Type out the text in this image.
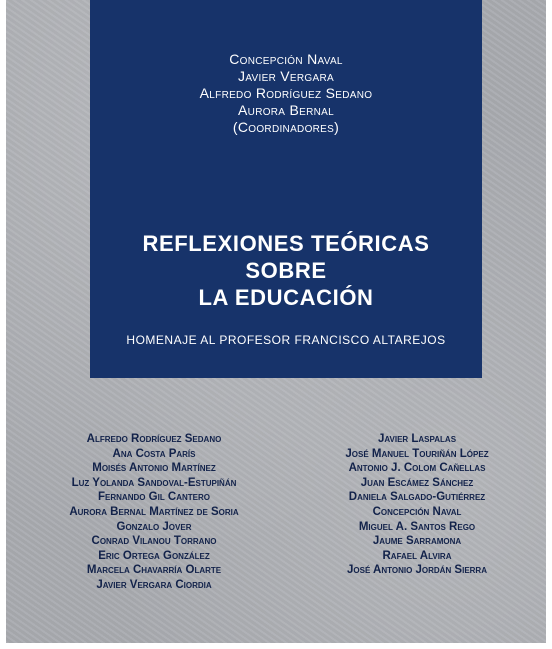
Concepción Naval
Javier Vergara
Alfredo Rodríguez Sedano
Aurora Bernal
(Coordinadores)
REFLEXIONES TEÓRICAS
SOBRE
LA EDUCACIÓN
HOMENAJE AL PROFESOR FRANCISCO ALTAREJOS
Alfredo Rodríguez Sedano
Ana Costa París
Moisés Antonio Martínez
Luz Yolanda Sandoval-Estupiñán
Fernando Gil Cantero
Aurora Bernal Martínez de Soria
Gonzalo Jover
Conrad Vilanou Torrano
Eric Ortega González
Marcela Chavarría Olarte
Javier Vergara Ciordia
Javier Laspalas
José Manuel Touriñán López
Antonio J. Colom Cañellas
Juan Escámez Sánchez
Daniela Salgado-Gutiérrez
Concepción Naval
Miguel A. Santos Rego
Jaume Sarramona
Rafael Alvira
José Antonio Jordán Sierra
